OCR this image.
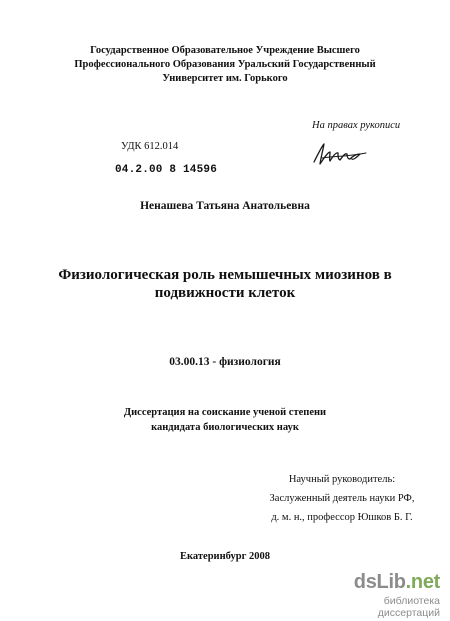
Государственное Образовательное Учреждение Высшего
Профессионального Образования Уральский Государственный
Университет им. Горького
На правах рукописи
УДК 612.014
04.2.00 8 14596
Ненашева Татьяна Анатольевна
Физиологическая роль немышечных миозинов в
подвижности клеток
03.00.13 - физиология
Диссертация на соискание ученой степени
кандидата биологических наук
Научный руководитель:
Заслуженный деятель науки РФ,
д. м. н., профессор Юшков Б. Г.
Екатеринбург 2008
dsLib.net
библиотека диссертаций
